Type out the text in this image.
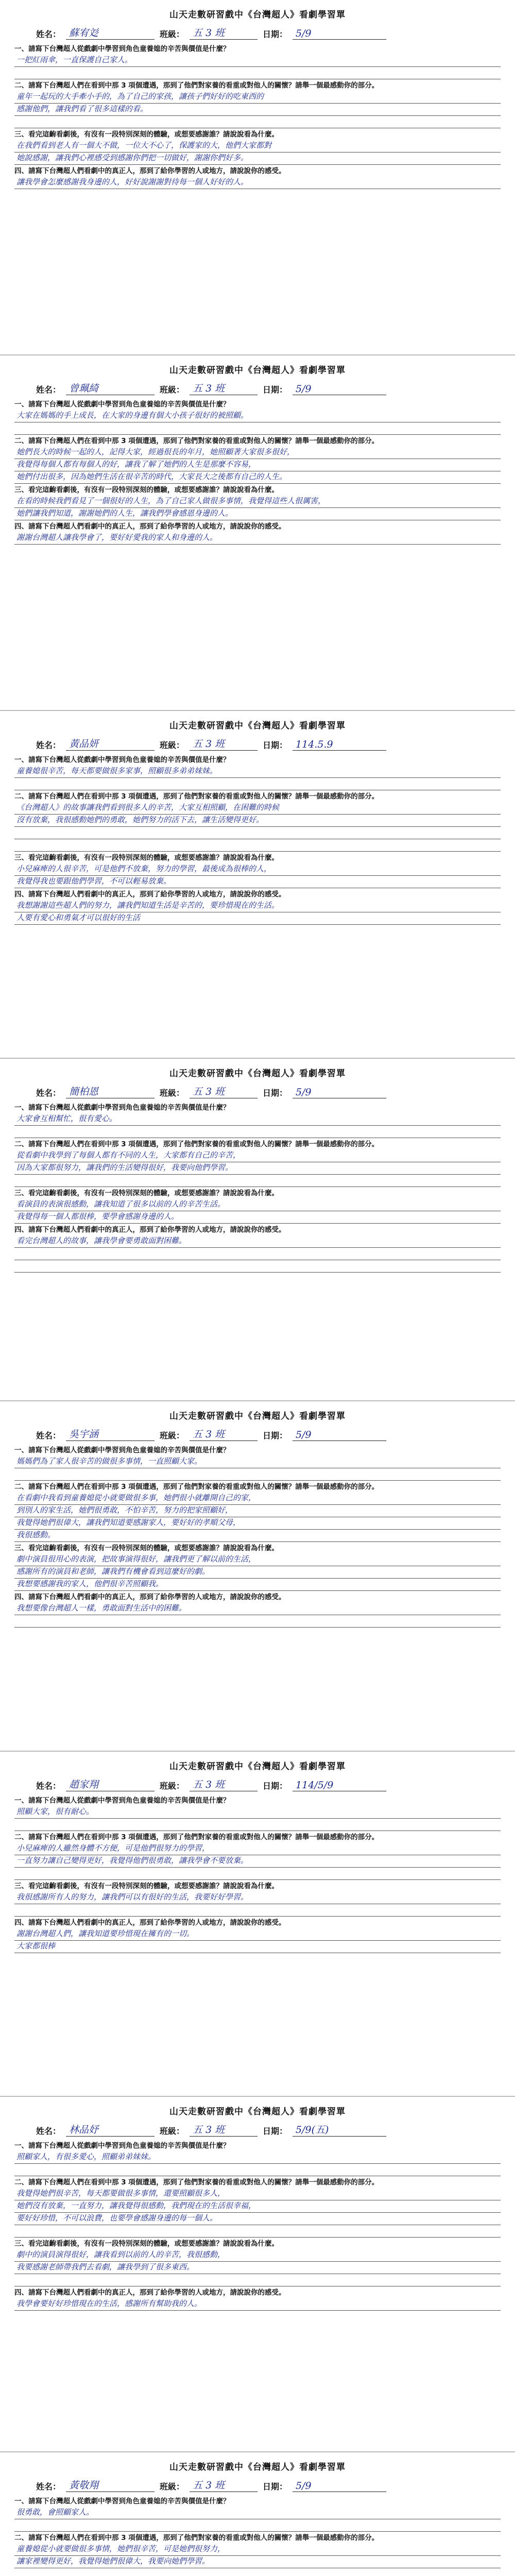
山天走數研習戲中《台灣超人》看劇學習單
姓名： 蘇宥彣	班級： 五 3 班	日期： 5/9
一、請寫下台灣超人從戲劇中學習到角色童養媳的辛苦與價值是什麼？
一把紅雨傘，一直保護自己家人。
二、請寫下台灣超人們在看到中那 3 項個遭遇，那到了他們對家養的看重或對他人的關懷？請舉一個最感動你的部分。
童年一起玩的大手牽小手的，為了自己的家孩，讓孩子們好好的吃東西的
感謝他們，讓我們看了很多這樣的看。
三、看完這齣看劇後，有沒有一段特別深刻的體驗，或想要感謝誰？請說說看為什麼。
在我們看到老人有一個大不做，一位大不心了，保護家的大，他們大家都對
她說感謝，讓我們心裡感受到感謝你們把一切做好，謝謝你們好多。
四、請寫下台灣超人們看劇中的真正人，那到了給你學習的人或地方，請說說你的感受。
讓我學會怎麼感謝我身邊的人，好好說謝謝對待每一個人好好的人。
山天走數研習戲中《台灣超人》看劇學習單
姓名： 曾珮綺	班級： 五 3 班	日期： 5/9
一、請寫下台灣超人從戲劇中學習到角色童養媳的辛苦與價值是什麼？
大家在媽媽的手上成長，在大家的身邊有個大小孩子很好的被照顧。
二、請寫下台灣超人們在看到中那 3 項個遭遇，那到了他們對家養的看重或對他人的關懷？請舉一個最感動你的部分。
她們長大的時候一起的人，記得大家，經過很長的年月，她照顧著大家很多很好，
我覺得每個人都有每個人的好，讓我了解了她們的人生是那麼不容易，
她們付出很多，因為她們生活在很辛苦的時代，大家長大之後都有自己的人生。
三、看完這齣看劇後，有沒有一段特別深刻的體驗，或想要感謝誰？請說說看為什麼。
在看的時候我們看見了一個很好的人生，為了自己家人做很多事情，我覺得這些人很厲害，
她們讓我們知道，謝謝她們的人生，讓我們學會感恩身邊的人。
四、請寫下台灣超人們看劇中的真正人，那到了給你學習的人或地方，請說說你的感受。
謝謝台灣超人讓我學會了，要好好愛我的家人和身邊的人。
山天走數研習戲中《台灣超人》看劇學習單
姓名： 黃品妍	班級： 五 3 班	日期： 114.5.9
一、請寫下台灣超人從戲劇中學習到角色童養媳的辛苦與價值是什麼？
童養媳很辛苦，每天都要做很多家事，照顧很多弟弟妹妹。
二、請寫下台灣超人們在看到中那 3 項個遭遇，那到了他們對家養的看重或對他人的關懷？請舉一個最感動你的部分。
《台灣超人》的故事讓我們看到很多人的辛苦，大家互相照顧，在困難的時候
沒有放棄，我很感動她們的勇敢，她們努力的活下去，讓生活變得更好。
三、看完這齣看劇後，有沒有一段特別深刻的體驗，或想要感謝誰？請說說看為什麼。
小兒麻痺的人很辛苦，可是他們不放棄，努力的學習，最後成為很棒的人，
我覺得我也要跟他們學習，不可以輕易放棄。
四、請寫下台灣超人們看劇中的真正人，那到了給你學習的人或地方，請說說你的感受。
我想謝謝這些超人們的努力，讓我們知道生活是辛苦的，要珍惜現在的生活。
人要有愛心和勇氣才可以很好的生活
山天走數研習戲中《台灣超人》看劇學習單
姓名： 簡柏恩	班級： 五 3 班	日期： 5/9
一、請寫下台灣超人從戲劇中學習到角色童養媳的辛苦與價值是什麼？
大家會互相幫忙，很有愛心。
二、請寫下台灣超人們在看到中那 3 項個遭遇，那到了他們對家養的看重或對他人的關懷？請舉一個最感動你的部分。
從看劇中我學到了每個人都有不同的人生，大家都有自己的辛苦，
因為大家都很努力，讓我們的生活變得很好，我要向他們學習。
三、看完這齣看劇後，有沒有一段特別深刻的體驗，或想要感謝誰？請說說看為什麼。
看演員的表演很感動，讓我知道了很多以前的人的辛苦生活。
我覺得每一個人都很棒，要學會感謝身邊的人。
四、請寫下台灣超人們看劇中的真正人，那到了給你學習的人或地方，請說說你的感受。
看完台灣超人的故事，讓我學會要勇敢面對困難。
山天走數研習戲中《台灣超人》看劇學習單
姓名： 吳宇涵	班級： 五 3 班	日期： 5/9
一、請寫下台灣超人從戲劇中學習到角色童養媳的辛苦與價值是什麼？
媽媽們為了家人很辛苦的做很多事情，一直照顧大家。
二、請寫下台灣超人們在看到中那 3 項個遭遇，那到了他們對家養的看重或對他人的關懷？請舉一個最感動你的部分。
在看劇中我看到童養媳從小就要做很多事，她們很小就離開自己的家，
到別人的家生活，她們很勇敢，不怕辛苦，努力的把家照顧好，
我覺得她們很偉大，讓我們知道要感謝家人，要好好的孝順父母，
我很感動。
三、看完這齣看劇後，有沒有一段特別深刻的體驗，或想要感謝誰？請說說看為什麼。
劇中演員很用心的表演，把故事演得很好，讓我們更了解以前的生活，
感謝所有的演員和老師，讓我們有機會看到這麼好的劇。
我想要感謝我的家人，他們很辛苦照顧我。
四、請寫下台灣超人們看劇中的真正人，那到了給你學習的人或地方，請說說你的感受。
我想要像台灣超人一樣，勇敢面對生活中的困難。
山天走數研習戲中《台灣超人》看劇學習單
姓名： 趙家翔	班級： 五 3 班	日期： 114/5/9
一、請寫下台灣超人從戲劇中學習到角色童養媳的辛苦與價值是什麼？
照顧大家，很有耐心。
二、請寫下台灣超人們在看到中那 3 項個遭遇，那到了他們對家養的看重或對他人的關懷？請舉一個最感動你的部分。
小兒麻痺的人雖然身體不方便，可是他們很努力的學習，
一直努力讓自己變得更好，我覺得他們很勇敢，讓我學會不要放棄。
三、看完這齣看劇後，有沒有一段特別深刻的體驗，或想要感謝誰？請說說看為什麼。
我很感謝所有人的努力，讓我們可以有很好的生活，我要好好學習。
四、請寫下台灣超人們看劇中的真正人，那到了給你學習的人或地方，請說說你的感受。
謝謝台灣超人們，讓我知道要珍惜現在擁有的一切。
大家都很棒
山天走數研習戲中《台灣超人》看劇學習單
姓名： 林品妤	班級： 五 3 班	日期： 5/9(五)
一、請寫下台灣超人從戲劇中學習到角色童養媳的辛苦與價值是什麼？
照顧家人，有很多愛心，照顧弟弟妹妹。
二、請寫下台灣超人們在看到中那 3 項個遭遇，那到了他們對家養的看重或對他人的關懷？請舉一個最感動你的部分。
我覺得她們很辛苦，每天都要做很多事情，還要照顧很多人，
她們沒有放棄，一直努力，讓我覺得很感動，我們現在的生活很幸福，
要好好珍惜，不可以浪費，也要學會感謝身邊的每一個人。
三、看完這齣看劇後，有沒有一段特別深刻的體驗，或想要感謝誰？請說說看為什麼。
劇中的演員演得很好，讓我看到以前的人的辛苦，我很感動，
我要感謝老師帶我們去看劇，讓我學到了很多東西。
四、請寫下台灣超人們看劇中的真正人，那到了給你學習的人或地方，請說說你的感受。
我學會要好好珍惜現在的生活，感謝所有幫助我的人。
山天走數研習戲中《台灣超人》看劇學習單
姓名： 黃敬翔	班級： 五 3 班	日期： 5/9
一、請寫下台灣超人從戲劇中學習到角色童養媳的辛苦與價值是什麼？
很勇敢，會照顧家人。
二、請寫下台灣超人們在看到中那 3 項個遭遇，那到了他們對家養的看重或對他人的關懷？請舉一個最感動你的部分。
童養媳從小就要做很多事情，她們很辛苦，可是她們很努力，
讓家裡變得更好，我覺得她們很偉大，我要向她們學習。
